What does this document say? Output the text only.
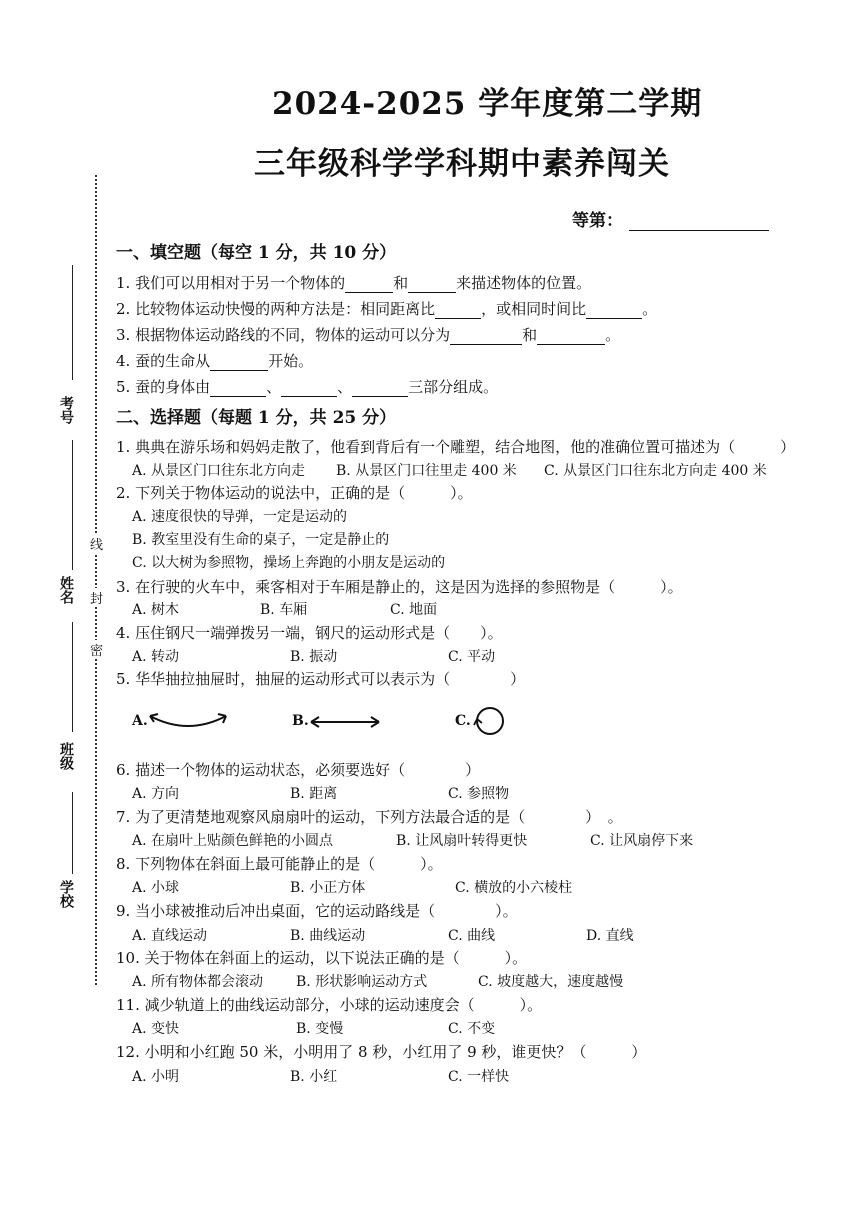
2024-2025 学年度第二学期
三年级科学学科期中素养闯关
等第：
考号
姓名
班级
学校
线
封
密
一、填空题（每空 1 分，共 10 分）
1. 我们可以用相对于另一个物体的	和	来描述物体的位置。
2. 比较物体运动快慢的两种方法是：相同距离比	，或相同时间比	。
3. 根据物体运动路线的不同，物体的运动可以分为	和	。
4. 蚕的生命从	开始。
5. 蚕的身体由	、	、	三部分组成。
二、选择题（每题 1 分，共 25 分）
1. 典典在游乐场和妈妈走散了，他看到背后有一个雕塑，结合地图，他的准确位置可描述为（　　　）
A. 从景区门口往东北方向走 B. 从景区门口往里走 400 米 C. 从景区门口往东北方向走 400 米
2. 下列关于物体运动的说法中，正确的是（　　　）。
A. 速度很快的导弹，一定是运动的
B. 教室里没有生命的桌子，一定是静止的
C. 以大树为参照物，操场上奔跑的小朋友是运动的
3. 在行驶的火车中，乘客相对于车厢是静止的，这是因为选择的参照物是（　　　）。
A. 树木	B. 车厢	C. 地面
4. 压住钢尺一端弹拨另一端，钢尺的运动形式是（　　）。
A. 转动	B. 振动	C. 平动
5. 华华抽拉抽屉时，抽屉的运动形式可以表示为（　　　　）
A.	B.	C.
6. 描述一个物体的运动状态，必须要选好（　　　　）
A. 方向	B. 距离	C. 参照物
7. 为了更清楚地观察风扇扇叶的运动，下列方法最合适的是（　　　　）　。
A. 在扇叶上贴颜色鲜艳的小圆点	B. 让风扇叶转得更快	C. 让风扇停下来
8. 下列物体在斜面上最可能静止的是（　　　）。
A. 小球	B. 小正方体	C. 横放的小六棱柱
9. 当小球被推动后冲出桌面，它的运动路线是（　　　　）。
A. 直线运动	B. 曲线运动	C. 曲线	D. 直线
10. 关于物体在斜面上的运动，以下说法正确的是（　　　）。
A. 所有物体都会滚动 B. 形状影响运动方式	C. 坡度越大，速度越慢
11. 减少轨道上的曲线运动部分，小球的运动速度会（　　　）。
A. 变快	B. 变慢	C. 不变
12. 小明和小红跑 50 米，小明用了 8 秒，小红用了 9 秒，谁更快？（　　　）
A. 小明	B. 小红	C. 一样快
